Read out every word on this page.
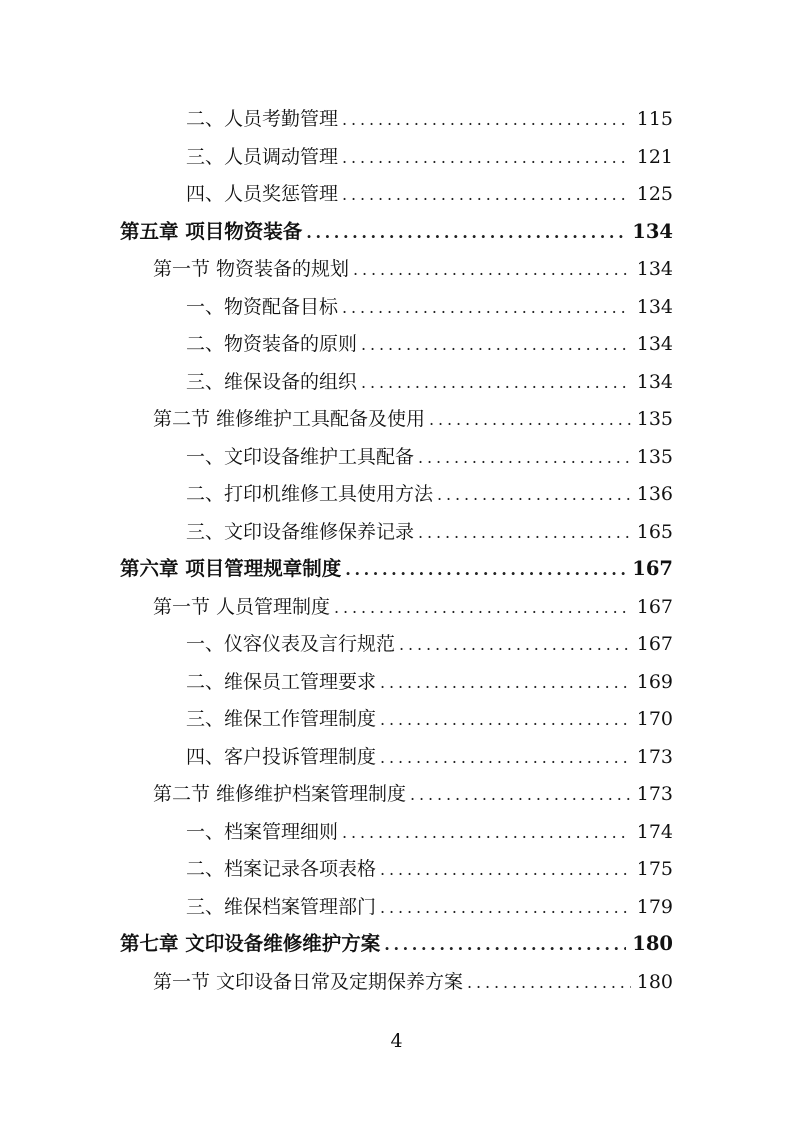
二、人员考勤管理 .....	115
三、人员调动管理 .....	121
四、人员奖惩管理 .....	125
第五章 项目物资装备 .....	134
第一节 物资装备的规划 .....	134
一、物资配备目标 .....	134
二、物资装备的原则 .....	134
三、维保设备的组织 .....	134
第二节 维修维护工具配备及使用 .....	135
一、文印设备维护工具配备 .....	135
二、打印机维修工具使用方法 .....	136
三、文印设备维修保养记录 .....	165
第六章 项目管理规章制度 .....	167
第一节 人员管理制度 .....	167
一、仪容仪表及言行规范 .....	167
二、维保员工管理要求 .....	169
三、维保工作管理制度 .....	170
四、客户投诉管理制度 .....	173
第二节 维修维护档案管理制度 .....	173
一、档案管理细则 .....	174
二、档案记录各项表格 .....	175
三、维保档案管理部门 .....	179
第七章 文印设备维修维护方案 .....	180
第一节 文印设备日常及定期保养方案 .....	180
4
